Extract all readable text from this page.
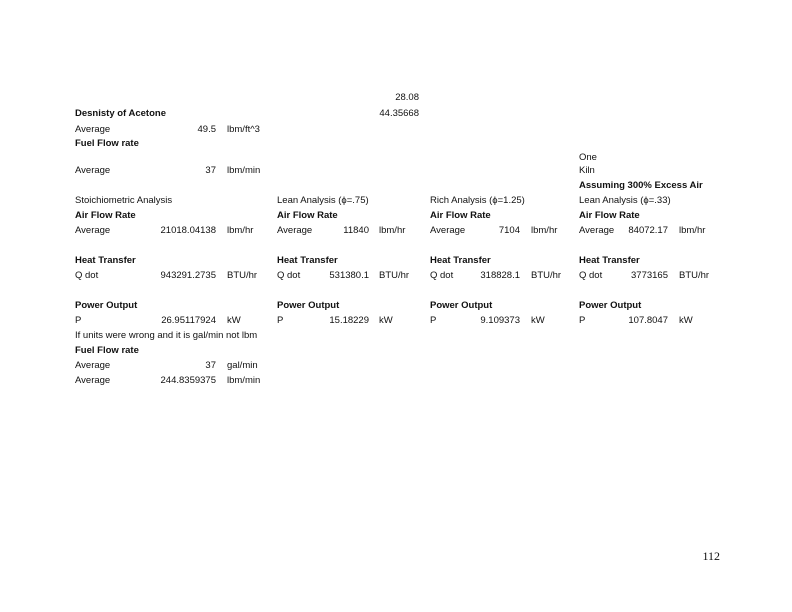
28.08
44.35668
Desnisty of Acetone
Average	49.5 lbm/ft^3
Fuel Flow rate
Average	37 lbm/min
One
Kiln
Assuming 300% Excess Air
Stoichiometric Analysis
Air Flow Rate
Average	21018.04138 lbm/hr
Heat Transfer
Q dot	943291.2735 BTU/hr
Power Output
P	26.95117924 kW
Lean Analysis (ϕ=.75)
Air Flow Rate
Average	11840 lbm/hr
Heat Transfer
Q dot	531380.1 BTU/hr
Power Output
P	15.18229 kW
Rich Analysis (ϕ=1.25)
Air Flow Rate
Average	7104 lbm/hr
Heat Transfer
Q dot	318828.1 BTU/hr
Power Output
P	9.109373 kW
Lean Analysis (ϕ=.33)
Air Flow Rate
Average	84072.17 lbm/hr
Heat Transfer
Q dot	3773165 BTU/hr
Power Output
P	107.8047 kW
If units were wrong and it is gal/min not lbm
Fuel Flow rate
Average	37 gal/min
Average	244.8359375 lbm/min
112
